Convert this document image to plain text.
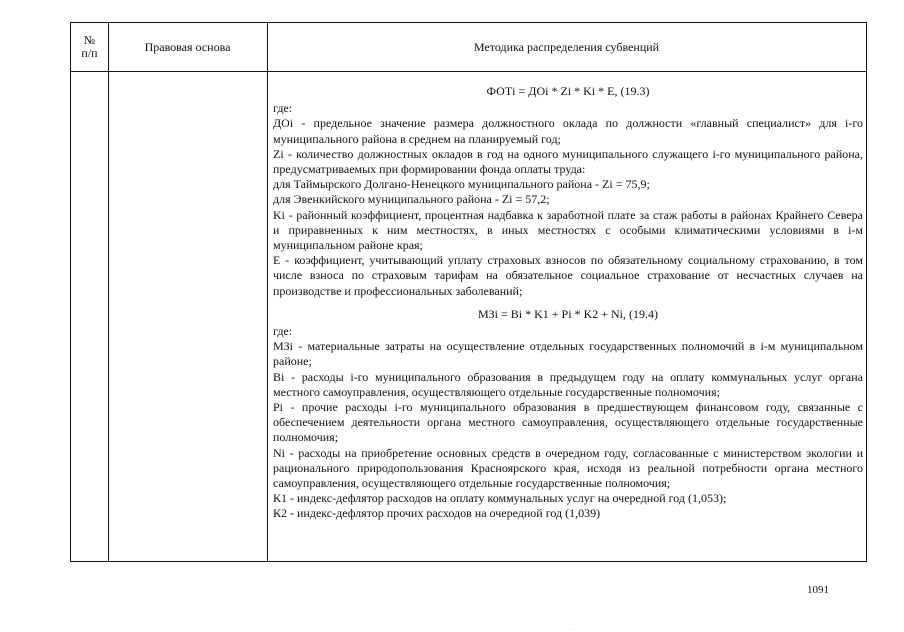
№
п/п	Правовая основа	Методика распределения субвенций
ФОТi = ДОi * Zi * Ki * E, (19.3)

где:

ДОi - предельное значение размера должностного оклада по должности «главный специалист» для i-го муниципального района в среднем на планируемый год;

Zi - количество должностных окладов в год на одного муниципального служащего i-го муниципального района, предусматриваемых при формировании фонда оплаты труда:

для Таймырского Долгано-Ненецкого муниципального района - Zi = 75,9;

для Эвенкийского муниципального района - Zi = 57,2;

Ki - районный коэффициент, процентная надбавка к заработной плате за стаж работы в районах Крайнего Севера и приравненных к ним местностях, в иных местностях с особыми климатическими условиями в i-м муниципальном районе края;

Е - коэффициент, учитывающий уплату страховых взносов по обязательному социальному страхованию, в том числе взноса по страховым тарифам на обязательное социальное страхование от несчастных случаев на производстве и профессиональных заболеваний;

МЗi = Вi * K1 + Рi * K2 + Ni, (19.4)

где:

МЗi - материальные затраты на осуществление отдельных государственных полномочий в i-м муниципальном районе;

Вi - расходы i-го муниципального образования в предыдущем году на оплату коммунальных услуг органа местного самоуправления, осуществляющего отдельные государственные полномочия;

Рi - прочие расходы i-го муниципального образования в предшествующем финансовом году, связанные с обеспечением деятельности органа местного самоуправления, осуществляющего отдельные государственные полномочия;

Ni - расходы на приобретение основных средств в очередном году, согласованные с министерством экологии и рационального природопользования Красноярского края, исходя из реальной потребности органа местного самоуправления, осуществляющего отдельные государственные полномочия;

К1 - индекс-дефлятор расходов на оплату коммунальных услуг на очередной год (1,053);

К2 - индекс-дефлятор прочих расходов на очередной год (1,039)

1091
.
